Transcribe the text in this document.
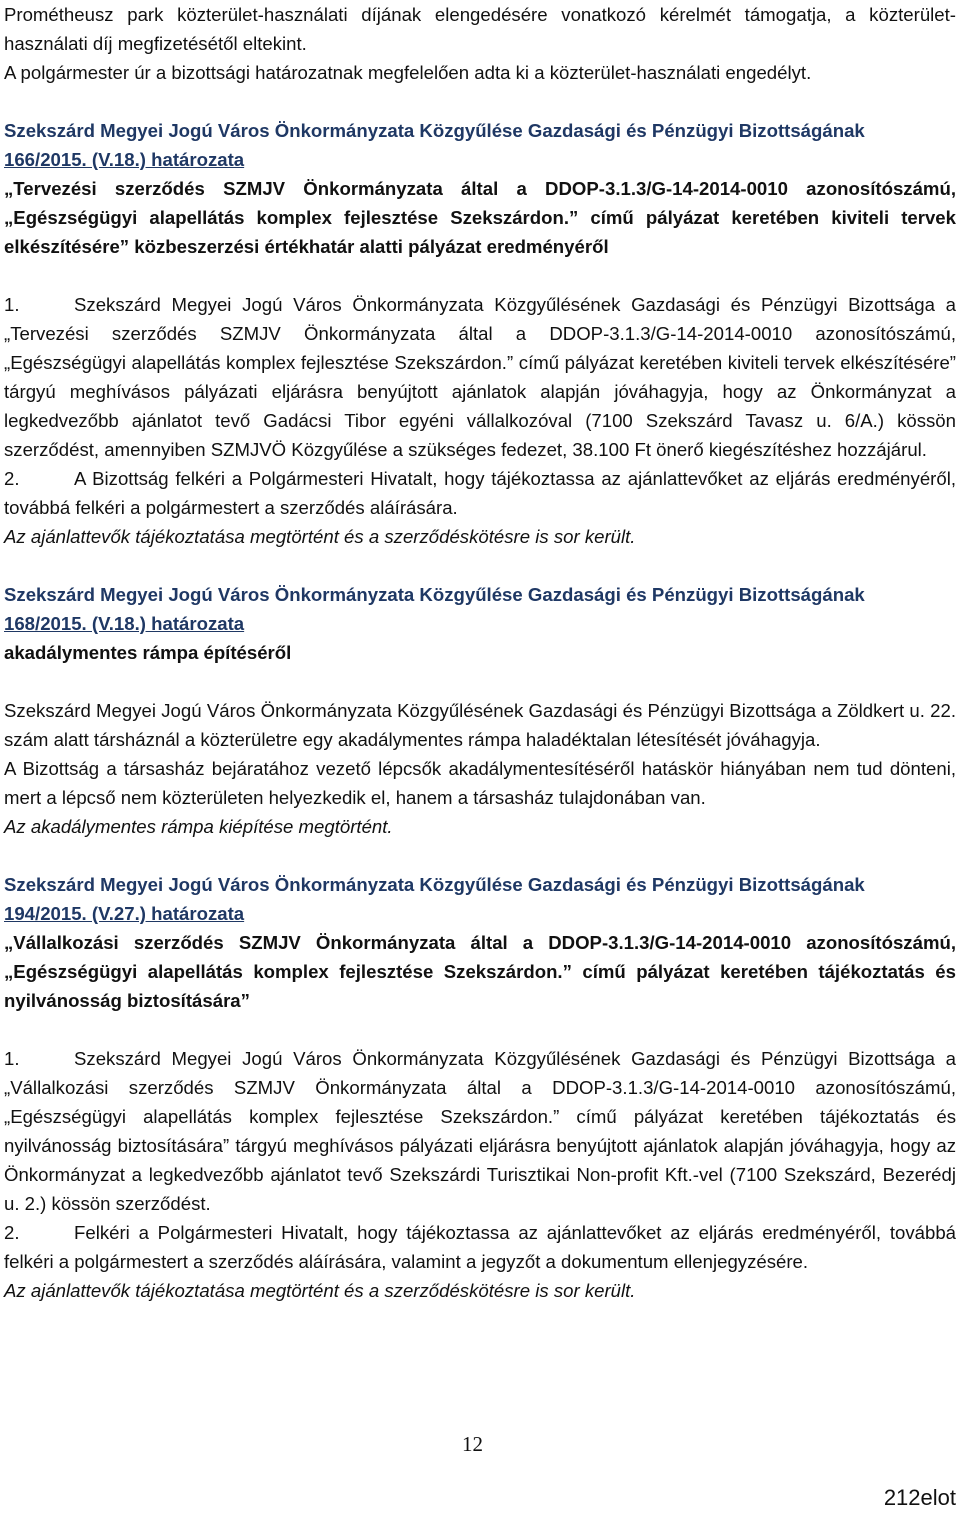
Prométheusz park közterület-használati díjának elengedésére vonatkozó kérelmét támogatja, a közterület-használati díj megfizetésétől eltekint.

A polgármester úr a bizottsági határozatnak megfelelően adta ki a közterület-használati engedélyt.

Szekszárd Megyei Jogú Város Önkormányzata Közgyűlése Gazdasági és Pénzügyi Bizottságának

166/2015. (V.18.) határozata

„Tervezési szerződés SZMJV Önkormányzata által a DDOP-3.1.3/G-14-2014-0010 azonosítószámú, „Egészségügyi alapellátás komplex fejlesztése Szekszárdon.” című pályázat keretében kiviteli tervek elkészítésére” közbeszerzési értékhatár alatti pályázat eredményéről

1.	Szekszárd Megyei Jogú Város Önkormányzata Közgyűlésének Gazdasági és Pénzügyi Bizottsága a „Tervezési szerződés SZMJV Önkormányzata által a DDOP-3.1.3/G-14-2014-0010 azonosítószámú, „Egészségügyi alapellátás komplex fejlesztése Szekszárdon.” című pályázat keretében kiviteli tervek elkészítésére” tárgyú meghívásos pályázati eljárásra benyújtott ajánlatok alapján jóváhagyja, hogy az Önkormányzat a legkedvezőbb ajánlatot tevő Gadácsi Tibor egyéni vállalkozóval (7100 Szekszárd Tavasz u. 6/A.) kössön szerződést, amennyiben SZMJVÖ Közgyűlése a szükséges fedezet, 38.100 Ft önerő kiegészítéshez hozzájárul.

2.	A Bizottság felkéri a Polgármesteri Hivatalt, hogy tájékoztassa az ajánlattevőket az eljárás eredményéről, továbbá felkéri a polgármestert a szerződés aláírására.

Az ajánlattevők tájékoztatása megtörtént és a szerződéskötésre is sor került.

Szekszárd Megyei Jogú Város Önkormányzata Közgyűlése Gazdasági és Pénzügyi Bizottságának

168/2015. (V.18.) határozata

akadálymentes rámpa építéséről

Szekszárd Megyei Jogú Város Önkormányzata Közgyűlésének Gazdasági és Pénzügyi Bizottsága a Zöldkert u. 22. szám alatt társháznál a közterületre egy akadálymentes rámpa haladéktalan létesítését jóváhagyja.

A Bizottság a társasház bejáratához vezető lépcsők akadálymentesítéséről hatáskör hiányában nem tud dönteni, mert a lépcső nem közterületen helyezkedik el, hanem a társasház tulajdonában van.

Az akadálymentes rámpa kiépítése megtörtént.

Szekszárd Megyei Jogú Város Önkormányzata Közgyűlése Gazdasági és Pénzügyi Bizottságának

194/2015. (V.27.) határozata

„Vállalkozási szerződés SZMJV Önkormányzata által a DDOP-3.1.3/G-14-2014-0010 azonosítószámú, „Egészségügyi alapellátás komplex fejlesztése Szekszárdon.” című pályázat keretében tájékoztatás és nyilvánosság biztosítására”

1.	Szekszárd Megyei Jogú Város Önkormányzata Közgyűlésének Gazdasági és Pénzügyi Bizottsága a „Vállalkozási szerződés SZMJV Önkormányzata által a DDOP-3.1.3/G-14-2014-0010 azonosítószámú, „Egészségügyi alapellátás komplex fejlesztése Szekszárdon.” című pályázat keretében tájékoztatás és nyilvánosság biztosítására” tárgyú meghívásos pályázati eljárásra benyújtott ajánlatok alapján jóváhagyja, hogy az Önkormányzat a legkedvezőbb ajánlatot tevő Szekszárdi Turisztikai Non-profit Kft.-vel (7100 Szekszárd, Bezerédj u. 2.) kössön szerződést.

2.	Felkéri a Polgármesteri Hivatalt, hogy tájékoztassa az ajánlattevőket az eljárás eredményéről, továbbá felkéri a polgármestert a szerződés aláírására, valamint a jegyzőt a dokumentum ellenjegyzésére.

Az ajánlattevők tájékoztatása megtörtént és a szerződéskötésre is sor került.

12
212elot
